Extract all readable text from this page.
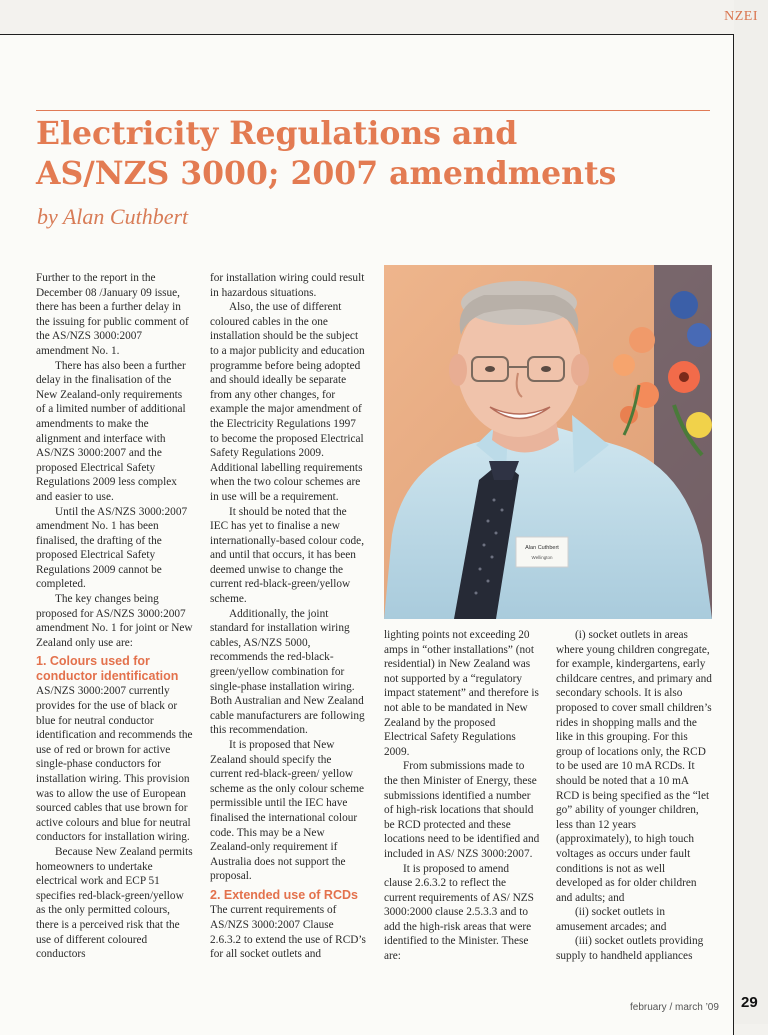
NZEI
Electricity Regulations and
AS/NZS 3000; 2007 amendments

by Alan Cuthbert

Further to the report in the December 08 /January 09 issue, there has been a further delay in the issuing for public comment of the AS/NZS 3000:2007 amendment No. 1.

There has also been a further delay in the finalisation of the New Zealand-only requirements of a limited number of additional amendments to make the alignment and interface with AS/NZS 3000:2007 and the proposed Electrical Safety Regulations 2009 less complex and easier to use.

Until the AS/NZS 3000:2007 amendment No. 1 has been finalised, the drafting of the proposed Electrical Safety Regulations 2009 cannot be completed.

The key changes being proposed for AS/NZS 3000:2007 amendment No. 1 for joint or New Zealand only use are:

1. Colours used for conductor identification

AS/NZS 3000:2007 currently provides for the use of black or blue for neutral conductor identification and recommends the use of red or brown for active single-phase conductors for installation wiring. This provision was to allow the use of European sourced cables that use brown for active colours and blue for neutral conductors for installation wiring.

Because New Zealand permits homeowners to undertake electrical work and ECP 51 specifies red-black-green/yellow as the only permitted colours, there is a perceived risk that the use of different coloured conductors

for installation wiring could result in hazardous situations.

Also, the use of different coloured cables in the one installation should be the subject to a major publicity and education programme before being adopted and should ideally be separate from any other changes, for example the major amendment of the Electricity Regulations 1997 to become the proposed Electrical Safety Regulations 2009. Additional labelling requirements when the two colour schemes are in use will be a requirement.

It should be noted that the IEC has yet to finalise a new internationally-based colour code, and until that occurs, it has been deemed unwise to change the current red-black-green/yellow scheme.

Additionally, the joint standard for installation wiring cables, AS/NZS 5000, recommends the red-black-green/yellow combination for single-phase installation wiring. Both Australian and New Zealand cable manufacturers are following this recommendation.

It is proposed that New Zealand should specify the current red-black-green/ yellow scheme as the only colour scheme permissible until the IEC have finalised the international colour code. This may be a New Zealand-only requirement if Australia does not support the proposal.

2. Extended use of RCDs

The current requirements of AS/NZS 3000:2007 Clause 2.6.3.2 to extend the use of RCD’s for all socket outlets and

Alan Cuthbert
Wellington

lighting points not exceeding 20 amps in “other installations” (not residential) in New Zealand was not supported by a “regulatory impact statement” and therefore is not able to be mandated in New Zealand by the proposed Electrical Safety Regulations 2009.

From submissions made to the then Minister of Energy, these submissions identified a number of high-risk locations that should be RCD protected and these locations need to be identified and included in AS/ NZS 3000:2007.

It is proposed to amend clause 2.6.3.2 to reflect the current requirements of AS/ NZS 3000:2000 clause 2.5.3.3 and to add the high-risk areas that were identified to the Minister. These are:

(i) socket outlets in areas where young children congregate, for example, kindergartens, early childcare centres, and primary and secondary schools. It is also proposed to cover small children’s rides in shopping malls and the like in this grouping. For this group of locations only, the RCD to be used are 10 mA RCDs. It should be noted that a 10 mA RCD is being specified as the “let go” ability of younger children, less than 12 years (approximately), to high touch voltages as occurs under fault conditions is not as well developed as for older children and adults; and

(ii) socket outlets in amusement arcades; and

(iii) socket outlets providing supply to handheld appliances

february / march ’09 29
